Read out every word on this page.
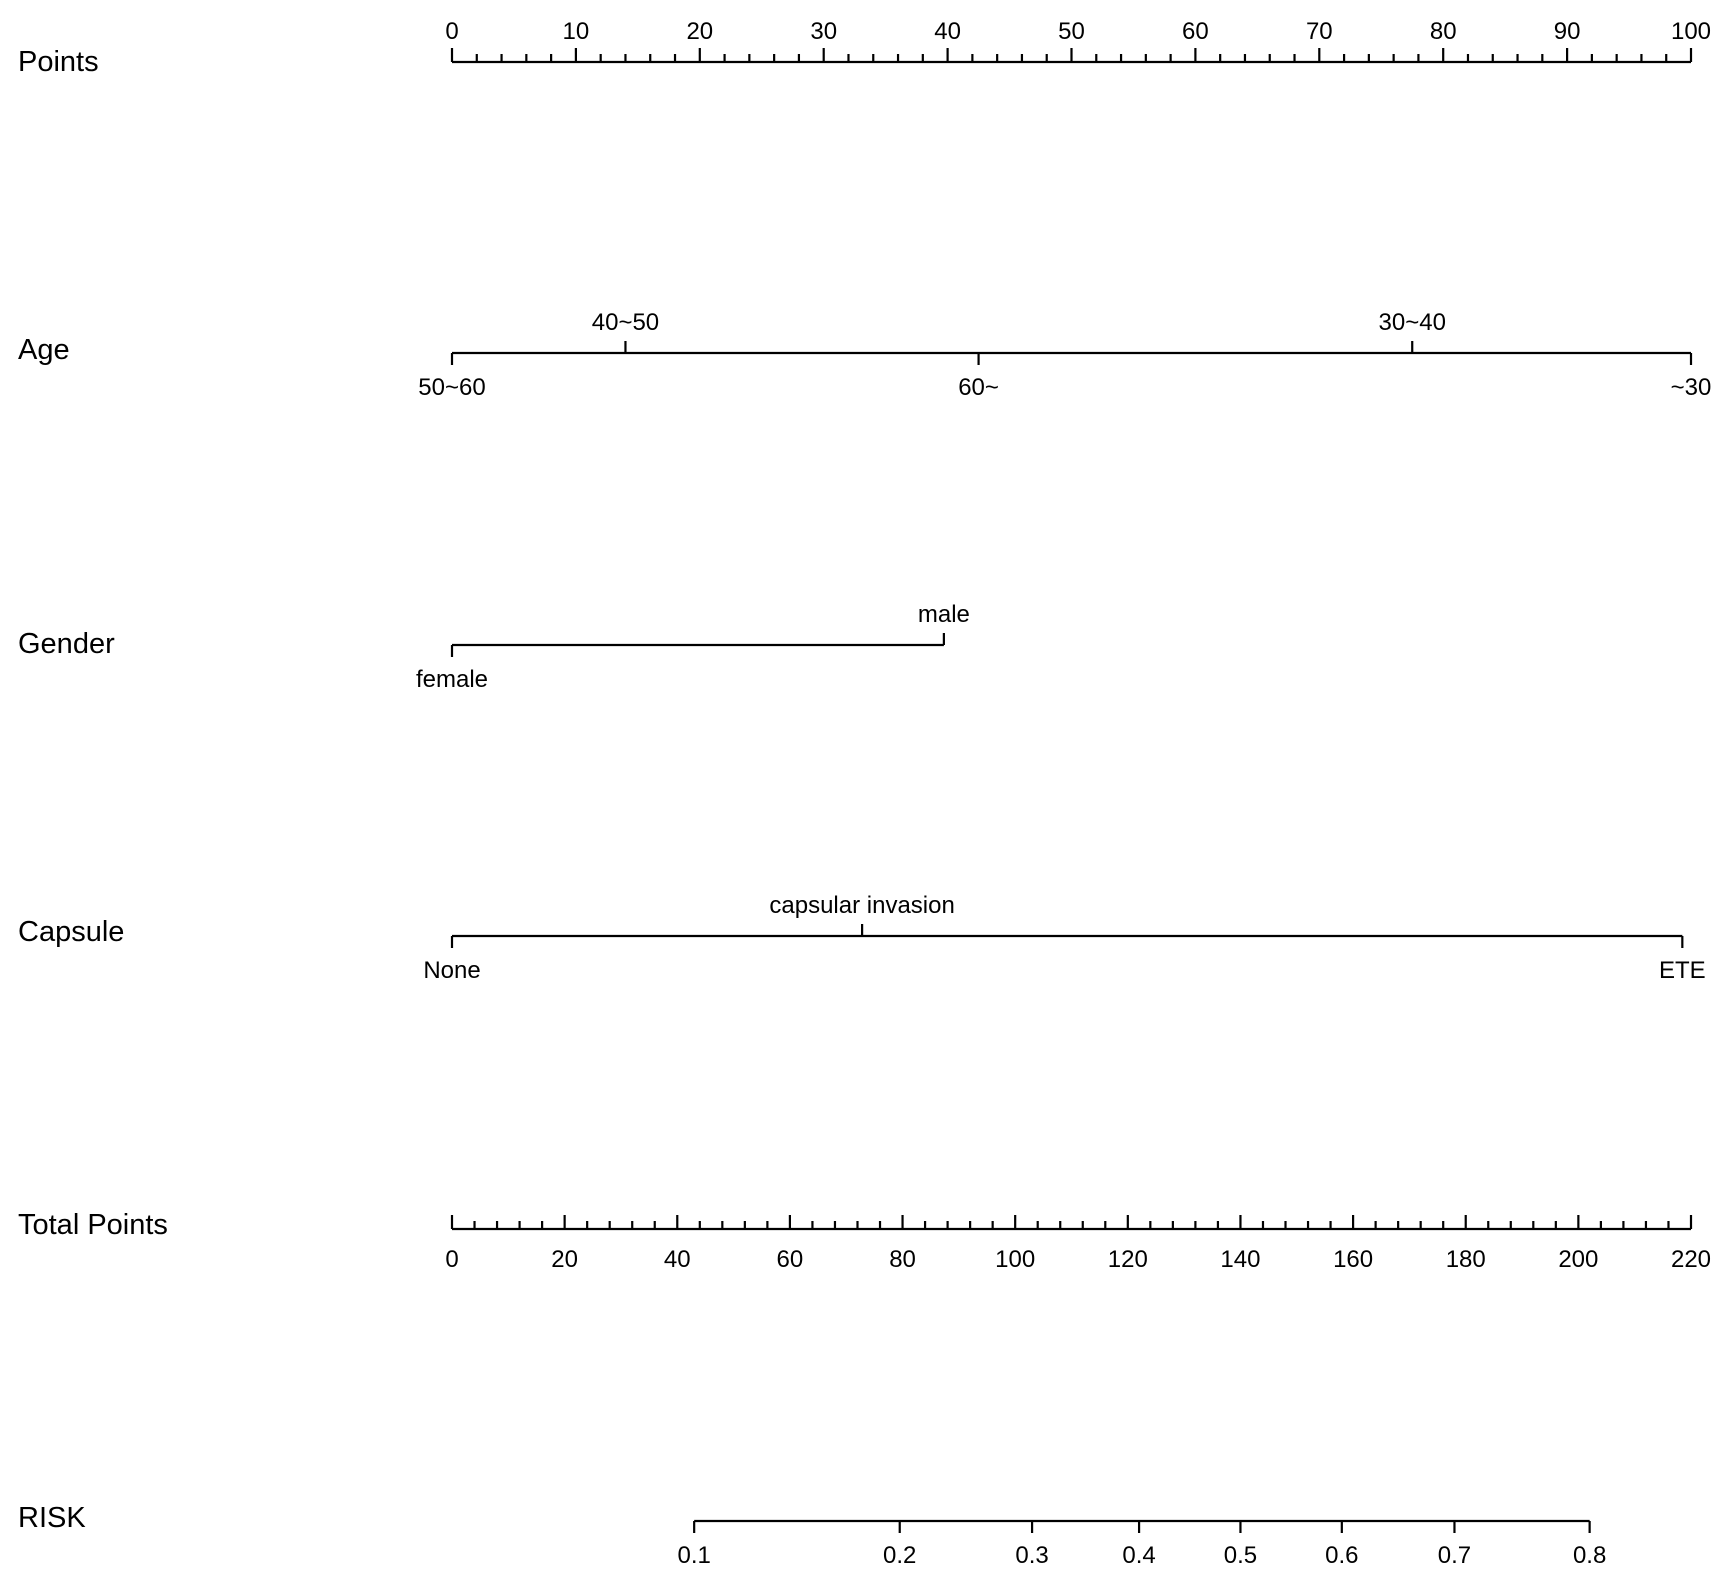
Points
Age
Gender
Capsule
Total Points
RISK
0	10	20	30	40	50	60	70	80	90	100
50~60
40~50
60~
30~40
~30
female
male
None
capsular invasion
ETE
0	20	40	60	80	100	120	140	160	180	200	220
0.1	0.2	0.3	0.4	0.5	0.6	0.7	0.8
